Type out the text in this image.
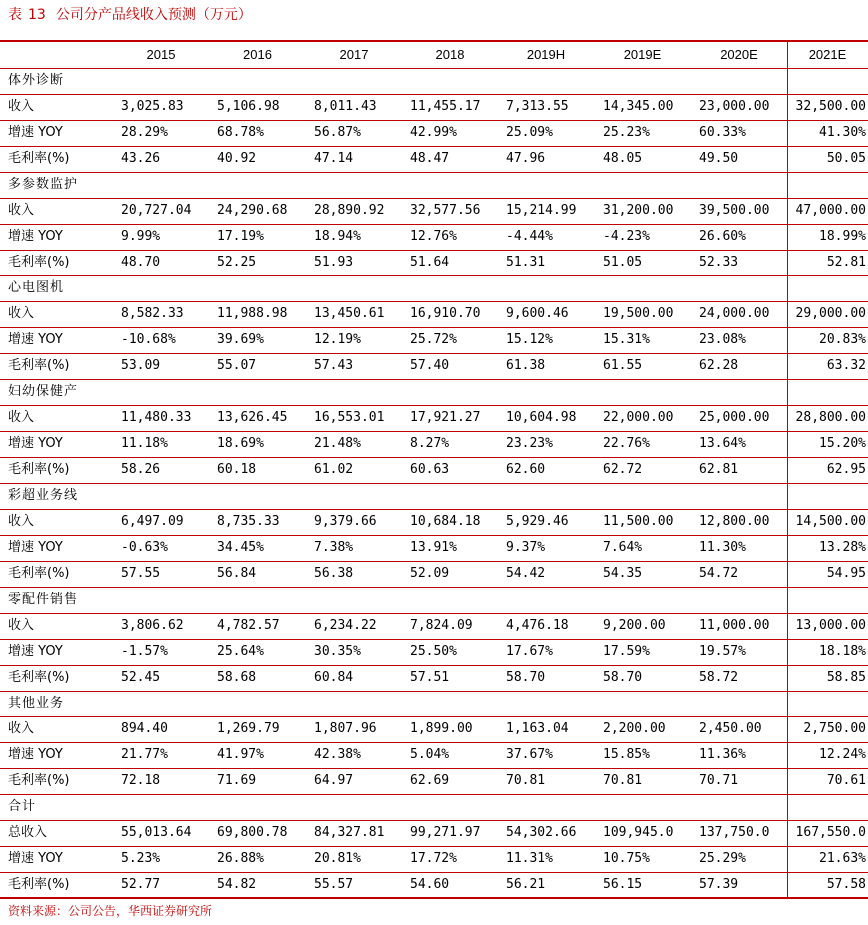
表 13 公司分产品线收入预测（万元）
2015	2016	2017	2018	2019H	2019E	2020E	2021E
体外诊断
收入	3,025.83	5,106.98	8,011.43	11,455.17 7,313.55	14,345.00 23,000.00 32,500.00
增速 YOY	28.29%	68.78%	56.87%	42.99%	25.09%	25.23%	60.33%	41.30%
毛利率(%)	43.26	40.92	47.14	48.47	47.96	48.05	49.50	50.05
多参数监护
收入	20,727.04 24,290.68 28,890.92 32,577.56 15,214.99 31,200.00 39,500.00 47,000.00
增速 YOY	9.99%	17.19%	18.94%	12.76%	-4.44%	-4.23%	26.60%	18.99%
毛利率(%)	48.70	52.25	51.93	51.64	51.31	51.05	52.33	52.81
心电图机
收入	8,582.33	11,988.98 13,450.61 16,910.70 9,600.46	19,500.00 24,000.00 29,000.00
增速 YOY	-10.68%	39.69%	12.19%	25.72%	15.12%	15.31%	23.08%	20.83%
毛利率(%)	53.09	55.07	57.43	57.40	61.38	61.55	62.28	63.32
妇幼保健产
收入	11,480.33 13,626.45 16,553.01 17,921.27 10,604.98 22,000.00 25,000.00 28,800.00
增速 YOY	11.18%	18.69%	21.48%	8.27%	23.23%	22.76%	13.64%	15.20%
毛利率(%)	58.26	60.18	61.02	60.63	62.60	62.72	62.81	62.95
彩超业务线
收入	6,497.09	8,735.33	9,379.66	10,684.18 5,929.46	11,500.00 12,800.00 14,500.00
增速 YOY	-0.63%	34.45%	7.38%	13.91%	9.37%	7.64%	11.30%	13.28%
毛利率(%)	57.55	56.84	56.38	52.09	54.42	54.35	54.72	54.95
零配件销售
收入	3,806.62	4,782.57	6,234.22	7,824.09	4,476.18	9,200.00	11,000.00 13,000.00
增速 YOY	-1.57%	25.64%	30.35%	25.50%	17.67%	17.59%	19.57%	18.18%
毛利率(%)	52.45	58.68	60.84	57.51	58.70	58.70	58.72	58.85
其他业务
收入	894.40	1,269.79	1,807.96	1,899.00	1,163.04	2,200.00	2,450.00	2,750.00
增速 YOY	21.77%	41.97%	42.38%	5.04%	37.67%	15.85%	11.36%	12.24%
毛利率(%)	72.18	71.69	64.97	62.69	70.81	70.81	70.71	70.61
合计
总收入	55,013.64 69,800.78 84,327.81 99,271.97 54,302.66 109,945.0 137,750.0 167,550.0
增速 YOY	5.23%	26.88%	20.81%	17.72%	11.31%	10.75%	25.29%	21.63%
毛利率(%)	52.77	54.82	55.57	54.60	56.21	56.15	57.39	57.58
资料来源：公司公告，华西证券研究所
